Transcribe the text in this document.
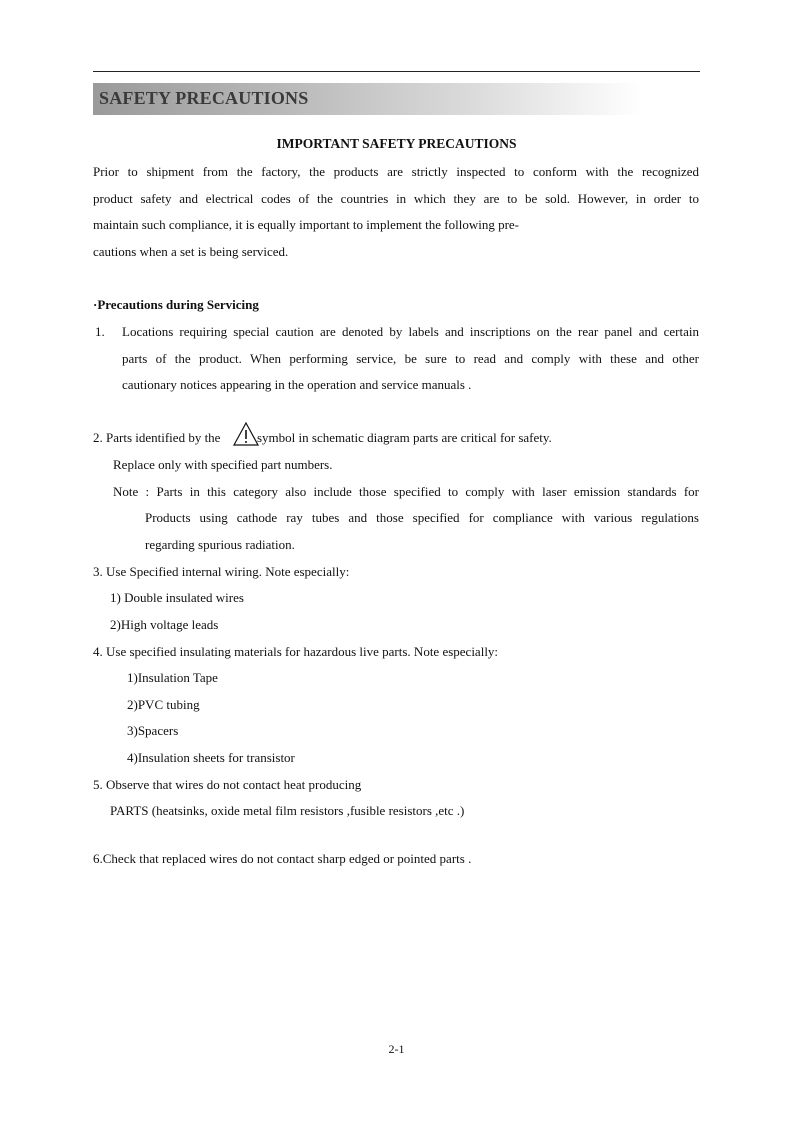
SAFETY PRECAUTIONS
IMPORTANT SAFETY PRECAUTIONS
Prior to shipment from the factory, the products are strictly inspected to conform with the recognized
product safety and electrical codes of the countries in which they are to be sold. However, in order to
maintain such compliance, it is equally important to implement the following pre-
cautions when a set is being serviced.
·Precautions during Servicing
1. Locations requiring special caution are denoted by labels and inscriptions on the rear panel and certain
parts of the product. When performing service, be sure to read and comply with these and other
cautionary notices appearing in the operation and service manuals .
2. Parts identified by the	symbol in schematic diagram parts are critical for safety.
Replace only with specified part numbers.
Note : Parts in this category also include those specified to comply with laser emission standards for
Products using cathode ray tubes and those specified for compliance with various regulations
regarding spurious radiation.
3. Use Specified internal wiring. Note especially:
1) Double insulated wires
2)High voltage leads
4. Use specified insulating materials for hazardous live parts. Note especially:
1)Insulation Tape
2)PVC tubing
3)Spacers
4)Insulation sheets for transistor
5. Observe that wires do not contact heat producing
PARTS (heatsinks, oxide metal film resistors ,fusible resistors ,etc .)
6.Check that replaced wires do not contact sharp edged or pointed parts .
2-1
